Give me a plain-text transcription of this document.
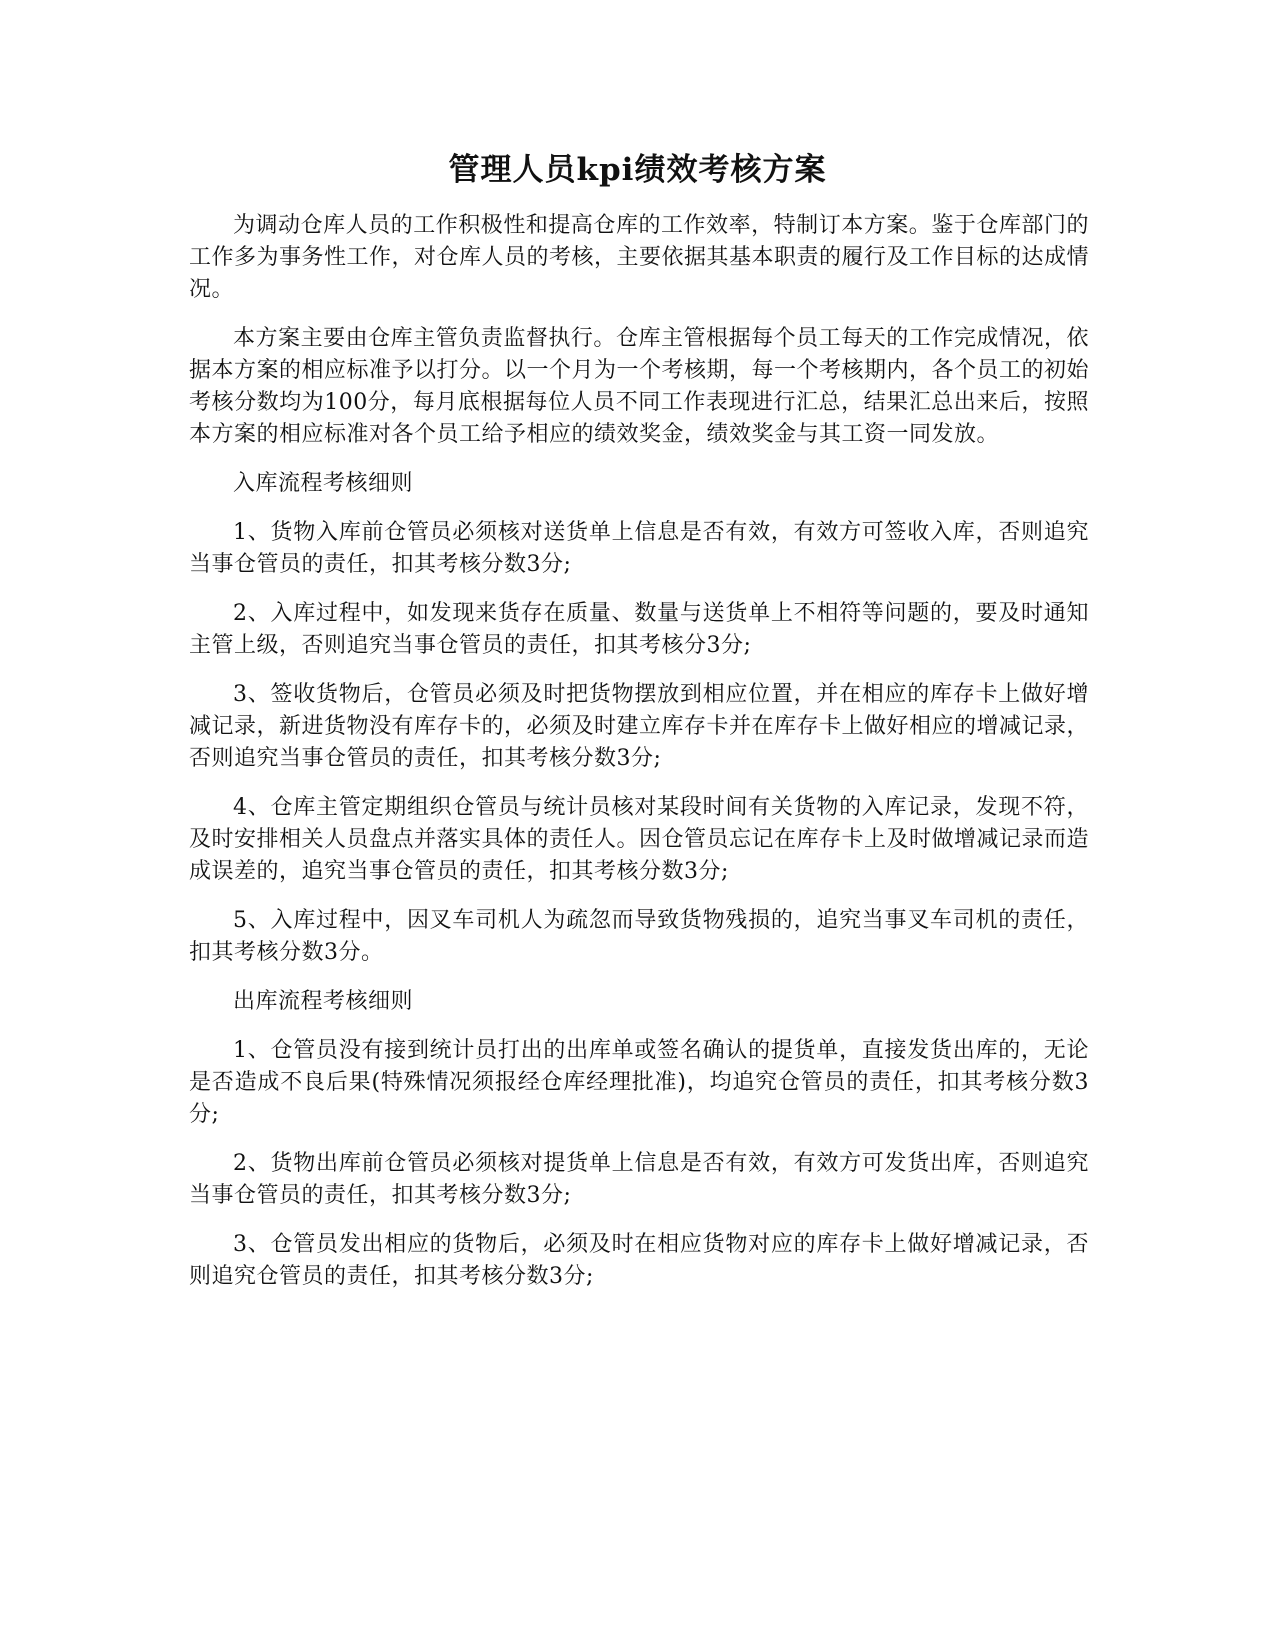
管理人员kpi绩效考核方案

为调动仓库人员的工作积极性和提高仓库的工作效率，特制订本方案。鉴于仓库部门的工作多为事务性工作，对仓库人员的考核，主要依据其基本职责的履行及工作目标的达成情况。

本方案主要由仓库主管负责监督执行。仓库主管根据每个员工每天的工作完成情况，依据本方案的相应标准予以打分。以一个月为一个考核期，每一个考核期内，各个员工的初始考核分数均为100分，每月底根据每位人员不同工作表现进行汇总，结果汇总出来后，按照本方案的相应标准对各个员工给予相应的绩效奖金，绩效奖金与其工资一同发放。

入库流程考核细则

1、货物入库前仓管员必须核对送货单上信息是否有效，有效方可签收入库，否则追究当事仓管员的责任，扣其考核分数3分;

2、入库过程中，如发现来货存在质量、数量与送货单上不相符等问题的，要及时通知主管上级，否则追究当事仓管员的责任，扣其考核分3分;

3、签收货物后，仓管员必须及时把货物摆放到相应位置，并在相应的库存卡上做好增减记录，新进货物没有库存卡的，必须及时建立库存卡并在库存卡上做好相应的增减记录，否则追究当事仓管员的责任，扣其考核分数3分;

4、仓库主管定期组织仓管员与统计员核对某段时间有关货物的入库记录，发现不符，及时安排相关人员盘点并落实具体的责任人。因仓管员忘记在库存卡上及时做增减记录而造成误差的，追究当事仓管员的责任，扣其考核分数3分;

5、入库过程中，因叉车司机人为疏忽而导致货物残损的，追究当事叉车司机的责任，扣其考核分数3分。

出库流程考核细则

1、仓管员没有接到统计员打出的出库单或签名确认的提货单，直接发货出库的，无论是否造成不良后果(特殊情况须报经仓库经理批准)，均追究仓管员的责任，扣其考核分数3分;

2、货物出库前仓管员必须核对提货单上信息是否有效，有效方可发货出库，否则追究当事仓管员的责任，扣其考核分数3分;

3、仓管员发出相应的货物后，必须及时在相应货物对应的库存卡上做好增减记录，否则追究仓管员的责任，扣其考核分数3分;
